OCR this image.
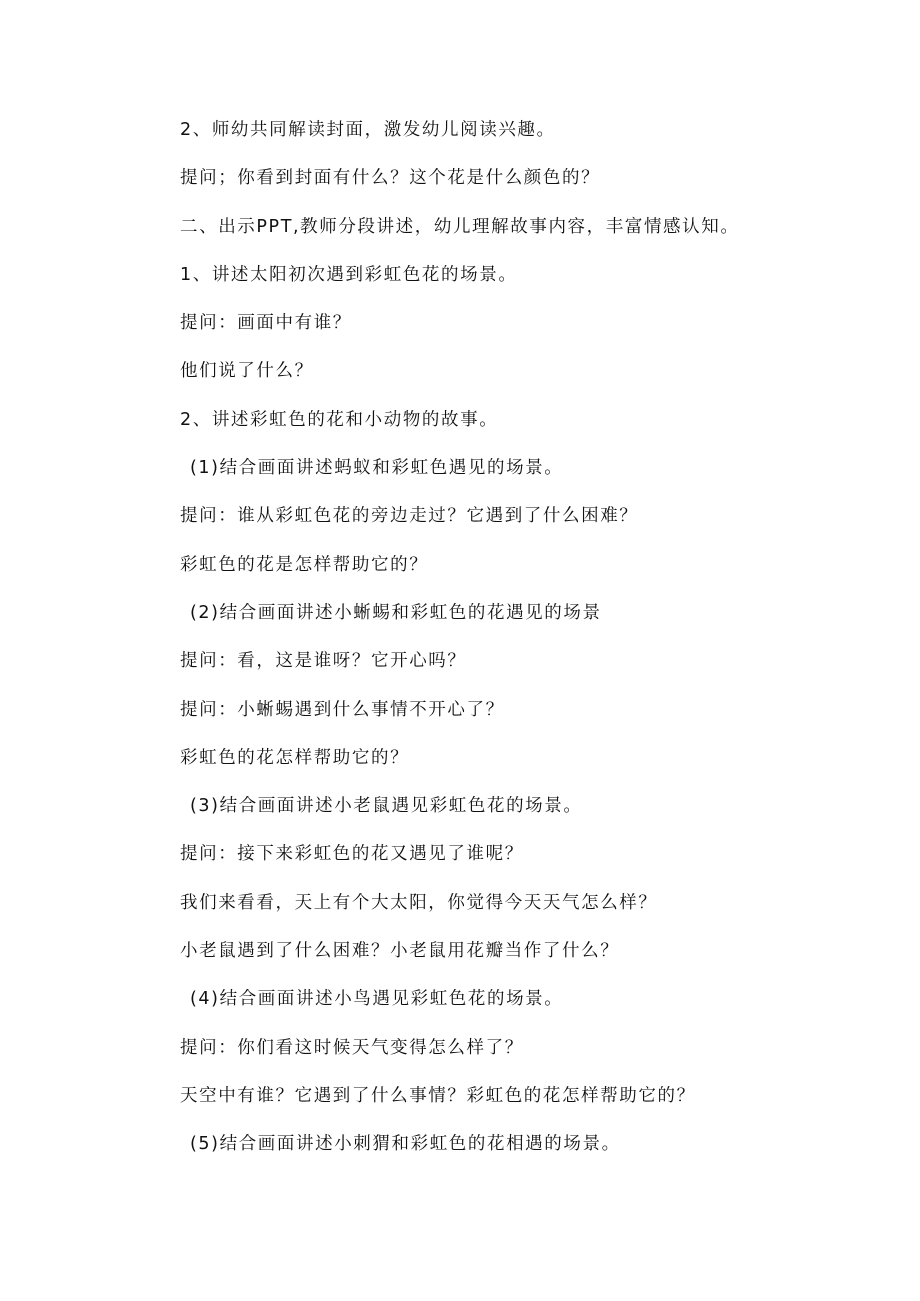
2、师幼共同解读封面，激发幼儿阅读兴趣。
提问；你看到封面有什么？这个花是什么颜色的？
二、出示PPT,教师分段讲述，幼儿理解故事内容，丰富情感认知。
1、讲述太阳初次遇到彩虹色花的场景。
提问：画面中有谁？
他们说了什么？
2、讲述彩虹色的花和小动物的故事。
(1)结合画面讲述蚂蚁和彩虹色遇见的场景。
提问：谁从彩虹色花的旁边走过？它遇到了什么困难？
彩虹色的花是怎样帮助它的？
(2)结合画面讲述小蜥蜴和彩虹色的花遇见的场景
提问：看，这是谁呀？它开心吗？
提问：小蜥蜴遇到什么事情不开心了？
彩虹色的花怎样帮助它的？
(3)结合画面讲述小老鼠遇见彩虹色花的场景。
提问：接下来彩虹色的花又遇见了谁呢？
我们来看看，天上有个大太阳，你觉得今天天气怎么样？
小老鼠遇到了什么困难？小老鼠用花瓣当作了什么？
(4)结合画面讲述小鸟遇见彩虹色花的场景。
提问：你们看这时候天气变得怎么样了？
天空中有谁？它遇到了什么事情？彩虹色的花怎样帮助它的？
(5)结合画面讲述小刺猬和彩虹色的花相遇的场景。
